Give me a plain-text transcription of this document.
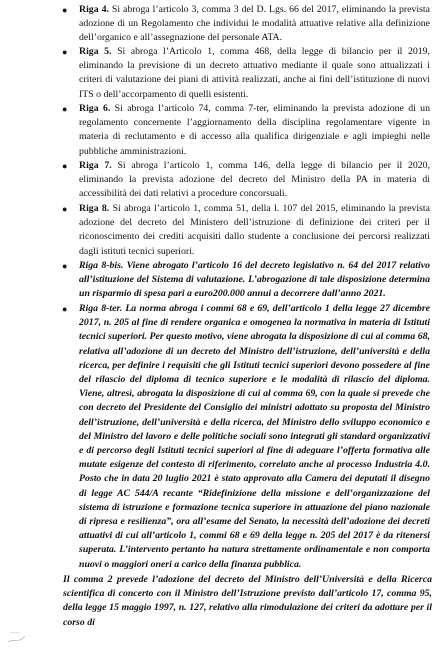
● Riga 4. Si abroga l’articolo 3, comma 3 del D. Lgs. 66 del 2017, eliminando la prevista adozione di un Regolamento che individui le modalità attuative relative alla definizione dell’organico e all’assegnazione del personale ATA.
● Riga 5. Si abroga l’Articolo 1, comma 468, della legge di bilancio per il 2019, eliminando la previsione di un decreto attuativo mediante il quale sono attualizzati i criteri di valutazione dei piani di attività realizzati, anche ai fini dell’istituzione di nuovi ITS o dell’accorpamento di quelli esistenti.
● Riga 6. Si abroga l’articolo 74, comma 7-ter, eliminando la prevista adozione di un regolamento concernente l’aggiornamento della disciplina regolamentare vigente in materia di reclutamento e di accesso alla qualifica dirigenziale e agli impieghi nelle pubbliche amministrazioni.
● Riga 7. Si abroga l’articolo 1, comma 146, della legge di bilancio per il 2020, eliminando la prevista adozione del decreto del Ministro della PA in materia di accessibilità dei dati relativi a procedure concorsuali.
● Riga 8. Si abroga l’articolo 1, comma 51, della l. 107 del 2015, eliminando la prevista adozione del decreto del Ministero dell’istruzione di definizione dei criteri per il riconoscimento dei crediti acquisiti dallo studente a conclusione dei percorsi realizzati dagli istituti tecnici superiori.
● Riga 8-bis. Viene abrogato l’articolo 16 del decreto legislativo n. 64 del 2017 relativo all’istituzione del Sistema di valutazione. L’abrogazione di tale disposizione determina un risparmio di spesa pari a euro200.000 annui a decorrere dall’anno 2021.
● Riga 8-ter. La norma abroga i commi 68 e 69, dell’articolo 1 della legge 27 dicembre 2017, n. 205 al fine di rendere organica e omogenea la normativa in materia di Istituti tecnici superiori. Per questo motivo, viene abrogata la disposizione di cui al comma 68, relativa all’adozione di un decreto del Ministro dell’istruzione, dell’università e della ricerca, per definire i requisiti che gli Istituti tecnici superiori devono possedere al fine del rilascio del diploma di tecnico superiore e le modalità di rilascio del diploma. Viene, altresì, abrogata la disposizione di cui al comma 69, con la quale si prevede che con decreto del Presidente del Consiglio dei ministri adottato su proposta del Ministro dell’istruzione, dell’università e della ricerca, del Ministro dello sviluppo economico e del Ministro del lavoro e delle politiche sociali sono integrati gli standard organizzativi e di percorso degli Istituti tecnici superiori al fine di adeguare l’offerta formativa alle mutate esigenze del contesto di riferimento, correlato anche al processo Industria 4.0. Posto che in data 20 luglio 2021 è stato approvato alla Camera dei deputati il disegno di legge AC 544/A recante “Ridefinizione della missione e dell’organizzazione del sistema di istruzione e formazione tecnica superiore in attuazione del piano nazionale di ripresa e resilienza”, ora all’esame del Senato, la necessità dell’adozione dei decreti attuativi di cui all’articolo 1, commi 68 e 69 della legge n. 205 del 2017 è da ritenersi superata. L’intervento pertanto ha natura strettamente ordinamentale e non comporta nuovi o maggiori oneri a carico della finanza pubblica.

Il comma 2 prevede l’adozione del decreto del Ministro dell’Università e della Ricerca scientifica di concerto con il Ministro dell’Istruzione previsto dall’articolo 17, comma 95, della legge 15 maggio 1997, n. 127, relativo alla rimodulazione dei criteri da adottare per il corso di
